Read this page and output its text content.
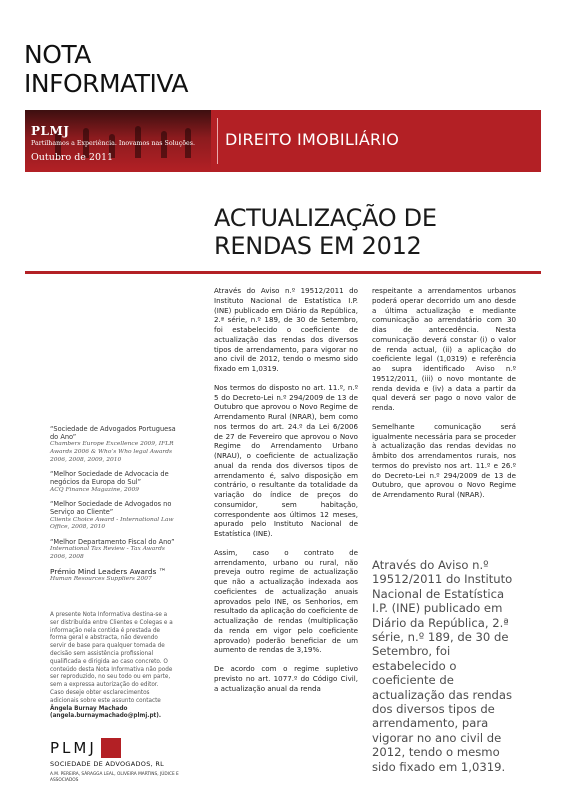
NOTA
INFORMATIVA
PLMJ
Partilhamos a Experiência. Inovamos nas Soluções.
Outubro de 2011
DIREITO IMOBILIÁRIO
ACTUALIZAÇÃO DE
RENDAS EM 2012
“Sociedade de Advogados Portuguesa do Ano”
Chambers Europe Excellence 2009, IFLR Awards 2006 & Who’s Who legal Awards 2006, 2008, 2009, 2010
“Melhor Sociedade de Advocacia de negócios da Europa do Sul”
ACQ Finance Magazine, 2009
“Melhor Sociedade de Advogados no Serviço ao Cliente”
Clients Choice Award - International Law Office, 2008, 2010
“Melhor Departamento Fiscal do Ano”
International Tax Review - Tax Awards 2006, 2008
Prémio Mind Leaders Awards ™
Human Resources Suppliers 2007
A presente Nota Informativa destina-se a ser distribuída entre Clientes e Colegas e a informação nela contida é prestada de forma geral e abstracta, não devendo servir de base para qualquer tomada de decisão sem assistência profissional qualificada e dirigida ao caso concreto. O conteúdo desta Nota Informativa não pode ser reproduzido, no seu todo ou em parte, sem a expressa autorização do editor. Caso deseje obter esclarecimentos adicionais sobre este assunto contacte Ângela Burnay Machado (angela.burnaymachado@plmj.pt).
PLMJ
SOCIEDADE DE ADVOGADOS, RL
A.M. PEREIRA, SÁRAGGA LEAL, OLIVEIRA MARTINS, JÚDICE E ASSOCIADOS

Através do Aviso n.º 19512/2011 do Instituto Nacional de Estatística I.P. (INE) publicado em Diário da República, 2.ª série, n.º 189, de 30 de Setembro, foi estabelecido o coeficiente de actualização das rendas dos diversos tipos de arrendamento, para vigorar no ano civil de 2012, tendo o mesmo sido fixado em 1,0319.

Nos termos do disposto no art. 11.º, n.º 5 do Decreto-Lei n.º 294/2009 de 13 de Outubro que aprovou o Novo Regime de Arrendamento Rural (NRAR), bem como nos termos do art. 24.º da Lei 6/2006 de 27 de Fevereiro que aprovou o Novo Regime do Arrendamento Urbano (NRAU), o coeficiente de actualização anual da renda dos diversos tipos de arrendamento é, salvo disposição em contrário, o resultante da totalidade da variação do índice de preços do consumidor, sem habitação, correspondente aos últimos 12 meses, apurado pelo Instituto Nacional de Estatística (INE).

Assim, caso o contrato de arrendamento, urbano ou rural, não preveja outro regime de actualização que não a actualização indexada aos coeficientes de actualização anuais aprovados pelo INE, os Senhorios, em resultado da aplicação do coeficiente de actualização de rendas (multiplicação da renda em vigor pelo coeficiente aprovado) poderão beneficiar de um aumento de rendas de 3,19%.

De acordo com o regime supletivo previsto no art. 1077.º do Código Civil, a actualização anual da renda

respeitante a arrendamentos urbanos poderá operar decorrido um ano desde a última actualização e mediante comunicação ao arrendatário com 30 dias de antecedência. Nesta comunicação deverá constar (i) o valor de renda actual, (ii) a aplicação do coeficiente legal (1,0319) e referência ao supra identificado Aviso n.º 19512/2011, (iii) o novo montante de renda devida e (iv) a data a partir da qual deverá ser pago o novo valor de renda.

Semelhante comunicação será igualmente necessária para se proceder à actualização das rendas devidas no âmbito dos arrendamentos rurais, nos termos do previsto nos art. 11.º e 26.º do Decreto-Lei n.º 294/2009 de 13 de Outubro, que aprovou o Novo Regime de Arrendamento Rural (NRAR).

Através do Aviso n.º 19512/2011 do Instituto Nacional de Estatística I.P. (INE) publicado em Diário da República, 2.ª série, n.º 189, de 30 de Setembro, foi estabelecido o coeficiente de actualização das rendas dos diversos tipos de arrendamento, para vigorar no ano civil de 2012, tendo o mesmo sido fixado em 1,0319.
